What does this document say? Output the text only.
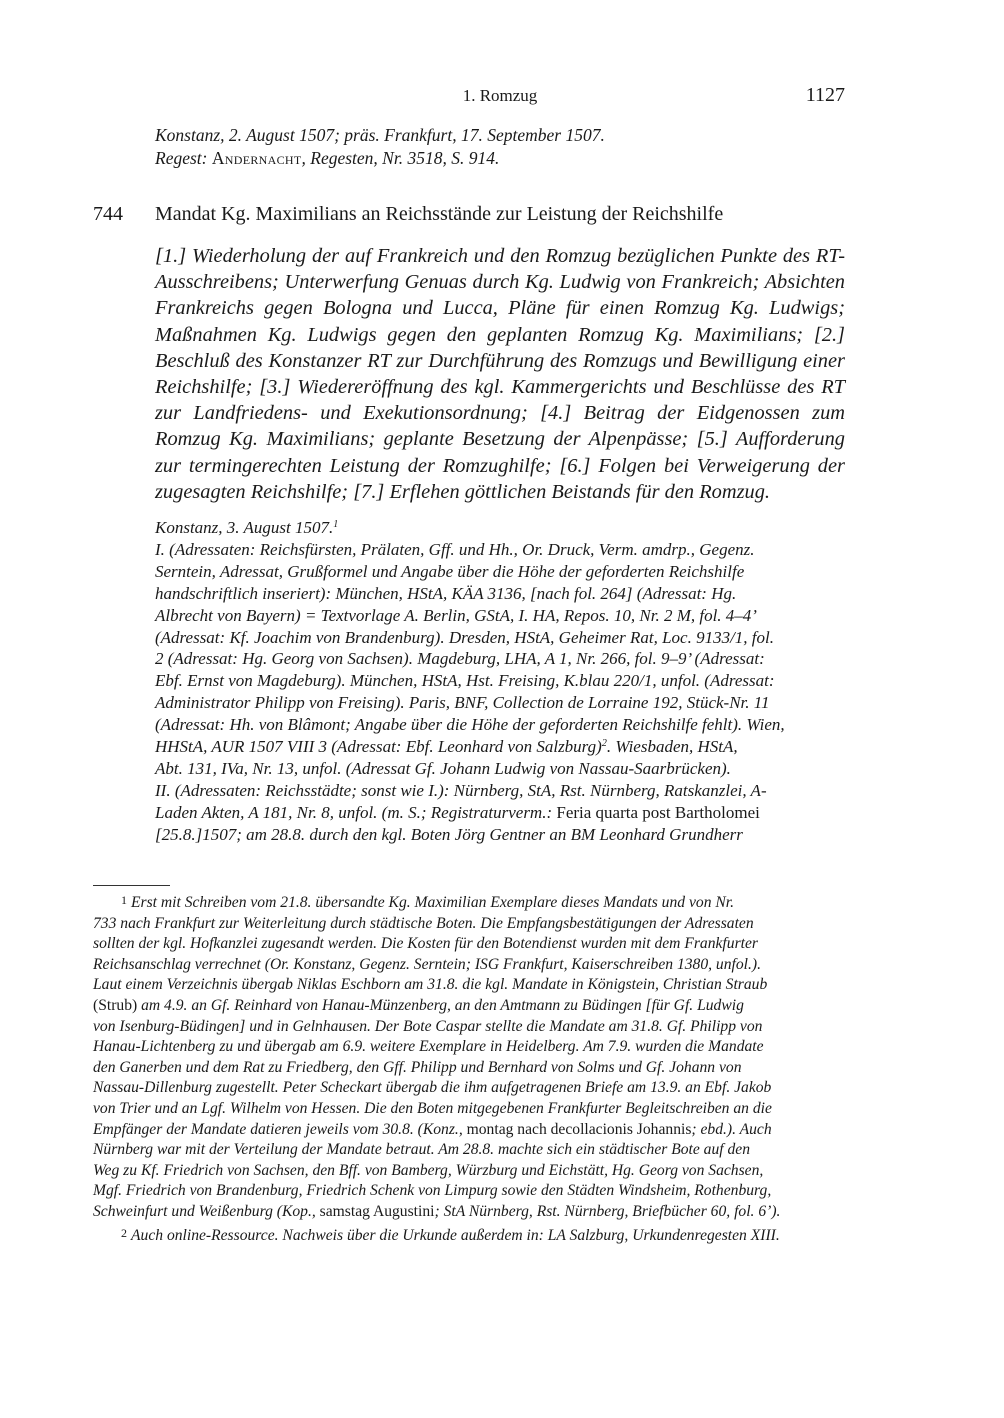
1. Romzug	1127
Konstanz, 2. August 1507; präs. Frankfurt, 17. September 1507.
Regest: Andernacht, Regesten, Nr. 3518, S. 914.
744 Mandat Kg. Maximilians an Reichsstände zur Leistung der Reichshilfe
[1.] Wiederholung der auf Frankreich und den Romzug bezüglichen Punkte des RT-Ausschreibens; Unterwerfung Genuas durch Kg. Ludwig von Frankreich; Absichten Frankreichs gegen Bologna und Lucca, Pläne für einen Romzug Kg. Ludwigs; Maßnahmen Kg. Ludwigs gegen den geplanten Romzug Kg. Maximilians; [2.] Beschluß des Konstanzer RT zur Durchführung des Romzugs und Bewilligung einer Reichshilfe; [3.] Wiedereröffnung des kgl. Kammergerichts und Beschlüsse des RT zur Landfriedens- und Exekutionsordnung; [4.] Beitrag der Eidgenossen zum Romzug Kg. Maximilians; geplante Besetzung der Alpenpässe; [5.] Aufforderung zur termingerechten Leistung der Romzughilfe; [6.] Folgen bei Verweigerung der zugesagten Reichshilfe; [7.] Erflehen göttlichen Beistands für den Romzug.
Konstanz, 3. August 1507.$^1$
I. (Adressaten: Reichsfürsten, Prälaten, Gff. und Hh., Or. Druck, Verm. amdrp., Gegenz.
Serntein, Adressat, Grußformel und Angabe über die Höhe der geforderten Reichshilfe
handschriftlich inseriert): München, HStA, KÄA 3136, [nach fol. 264] (Adressat: Hg.
Albrecht von Bayern) = Textvorlage A. Berlin, GStA, I. HA, Repos. 10, Nr. 2 M, fol. 4–4’
(Adressat: Kf. Joachim von Brandenburg). Dresden, HStA, Geheimer Rat, Loc. 9133/1, fol.
2 (Adressat: Hg. Georg von Sachsen). Magdeburg, LHA, A 1, Nr. 266, fol. 9–9’ (Adressat:
Ebf. Ernst von Magdeburg). München, HStA, Hst. Freising, K.blau 220/1, unfol. (Adressat:
Administrator Philipp von Freising). Paris, BNF, Collection de Lorraine 192, Stück-Nr. 11
(Adressat: Hh. von Blâmont; Angabe über die Höhe der geforderten Reichshilfe fehlt). Wien,
HHStA, AUR 1507 VIII 3 (Adressat: Ebf. Leonhard von Salzburg)$^2$. Wiesbaden, HStA,
Abt. 131, IVa, Nr. 13, unfol. (Adressat Gf. Johann Ludwig von Nassau-Saarbrücken).
II. (Adressaten: Reichsstädte; sonst wie I.): Nürnberg, StA, Rst. Nürnberg, Ratskanzlei, A-
Laden Akten, A 181, Nr. 8, unfol. (m. S.; Registraturverm.: Feria quarta post Bartholomei
[25.8.]1507; am 28.8. durch den kgl. Boten Jörg Gentner an BM Leonhard Grundherr
1 Erst mit Schreiben vom 21.8. übersandte Kg. Maximilian Exemplare dieses Mandats und von Nr.
733 nach Frankfurt zur Weiterleitung durch städtische Boten. Die Empfangsbestätigungen der Adressaten
sollten der kgl. Hofkanzlei zugesandt werden. Die Kosten für den Botendienst wurden mit dem Frankfurter
Reichsanschlag verrechnet (Or. Konstanz, Gegenz. Serntein; ISG Frankfurt, Kaiserschreiben 1380, unfol.).
Laut einem Verzeichnis übergab Niklas Eschborn am 31.8. die kgl. Mandate in Königstein, Christian Straub
(Strub) am 4.9. an Gf. Reinhard von Hanau-Münzenberg, an den Amtmann zu Büdingen [für Gf. Ludwig
von Isenburg-Büdingen] und in Gelnhausen. Der Bote Caspar stellte die Mandate am 31.8. Gf. Philipp von
Hanau-Lichtenberg zu und übergab am 6.9. weitere Exemplare in Heidelberg. Am 7.9. wurden die Mandate
den Ganerben und dem Rat zu Friedberg, den Gff. Philipp und Bernhard von Solms und Gf. Johann von
Nassau-Dillenburg zugestellt. Peter Scheckart übergab die ihm aufgetragenen Briefe am 13.9. an Ebf. Jakob
von Trier und an Lgf. Wilhelm von Hessen. Die den Boten mitgegebenen Frankfurter Begleitschreiben an die
Empfänger der Mandate datieren jeweils vom 30.8. (Konz., montag nach decollacionis Johannis; ebd.). Auch
Nürnberg war mit der Verteilung der Mandate betraut. Am 28.8. machte sich ein städtischer Bote auf den
Weg zu Kf. Friedrich von Sachsen, den Bff. von Bamberg, Würzburg und Eichstätt, Hg. Georg von Sachsen,
Mgf. Friedrich von Brandenburg, Friedrich Schenk von Limpurg sowie den Städten Windsheim, Rothenburg,
Schweinfurt und Weißenburg (Kop., samstag Augustini; StA Nürnberg, Rst. Nürnberg, Briefbücher 60, fol. 6’).
2 Auch online-Ressource. Nachweis über die Urkunde außerdem in: LA Salzburg, Urkundenregesten XIII.
